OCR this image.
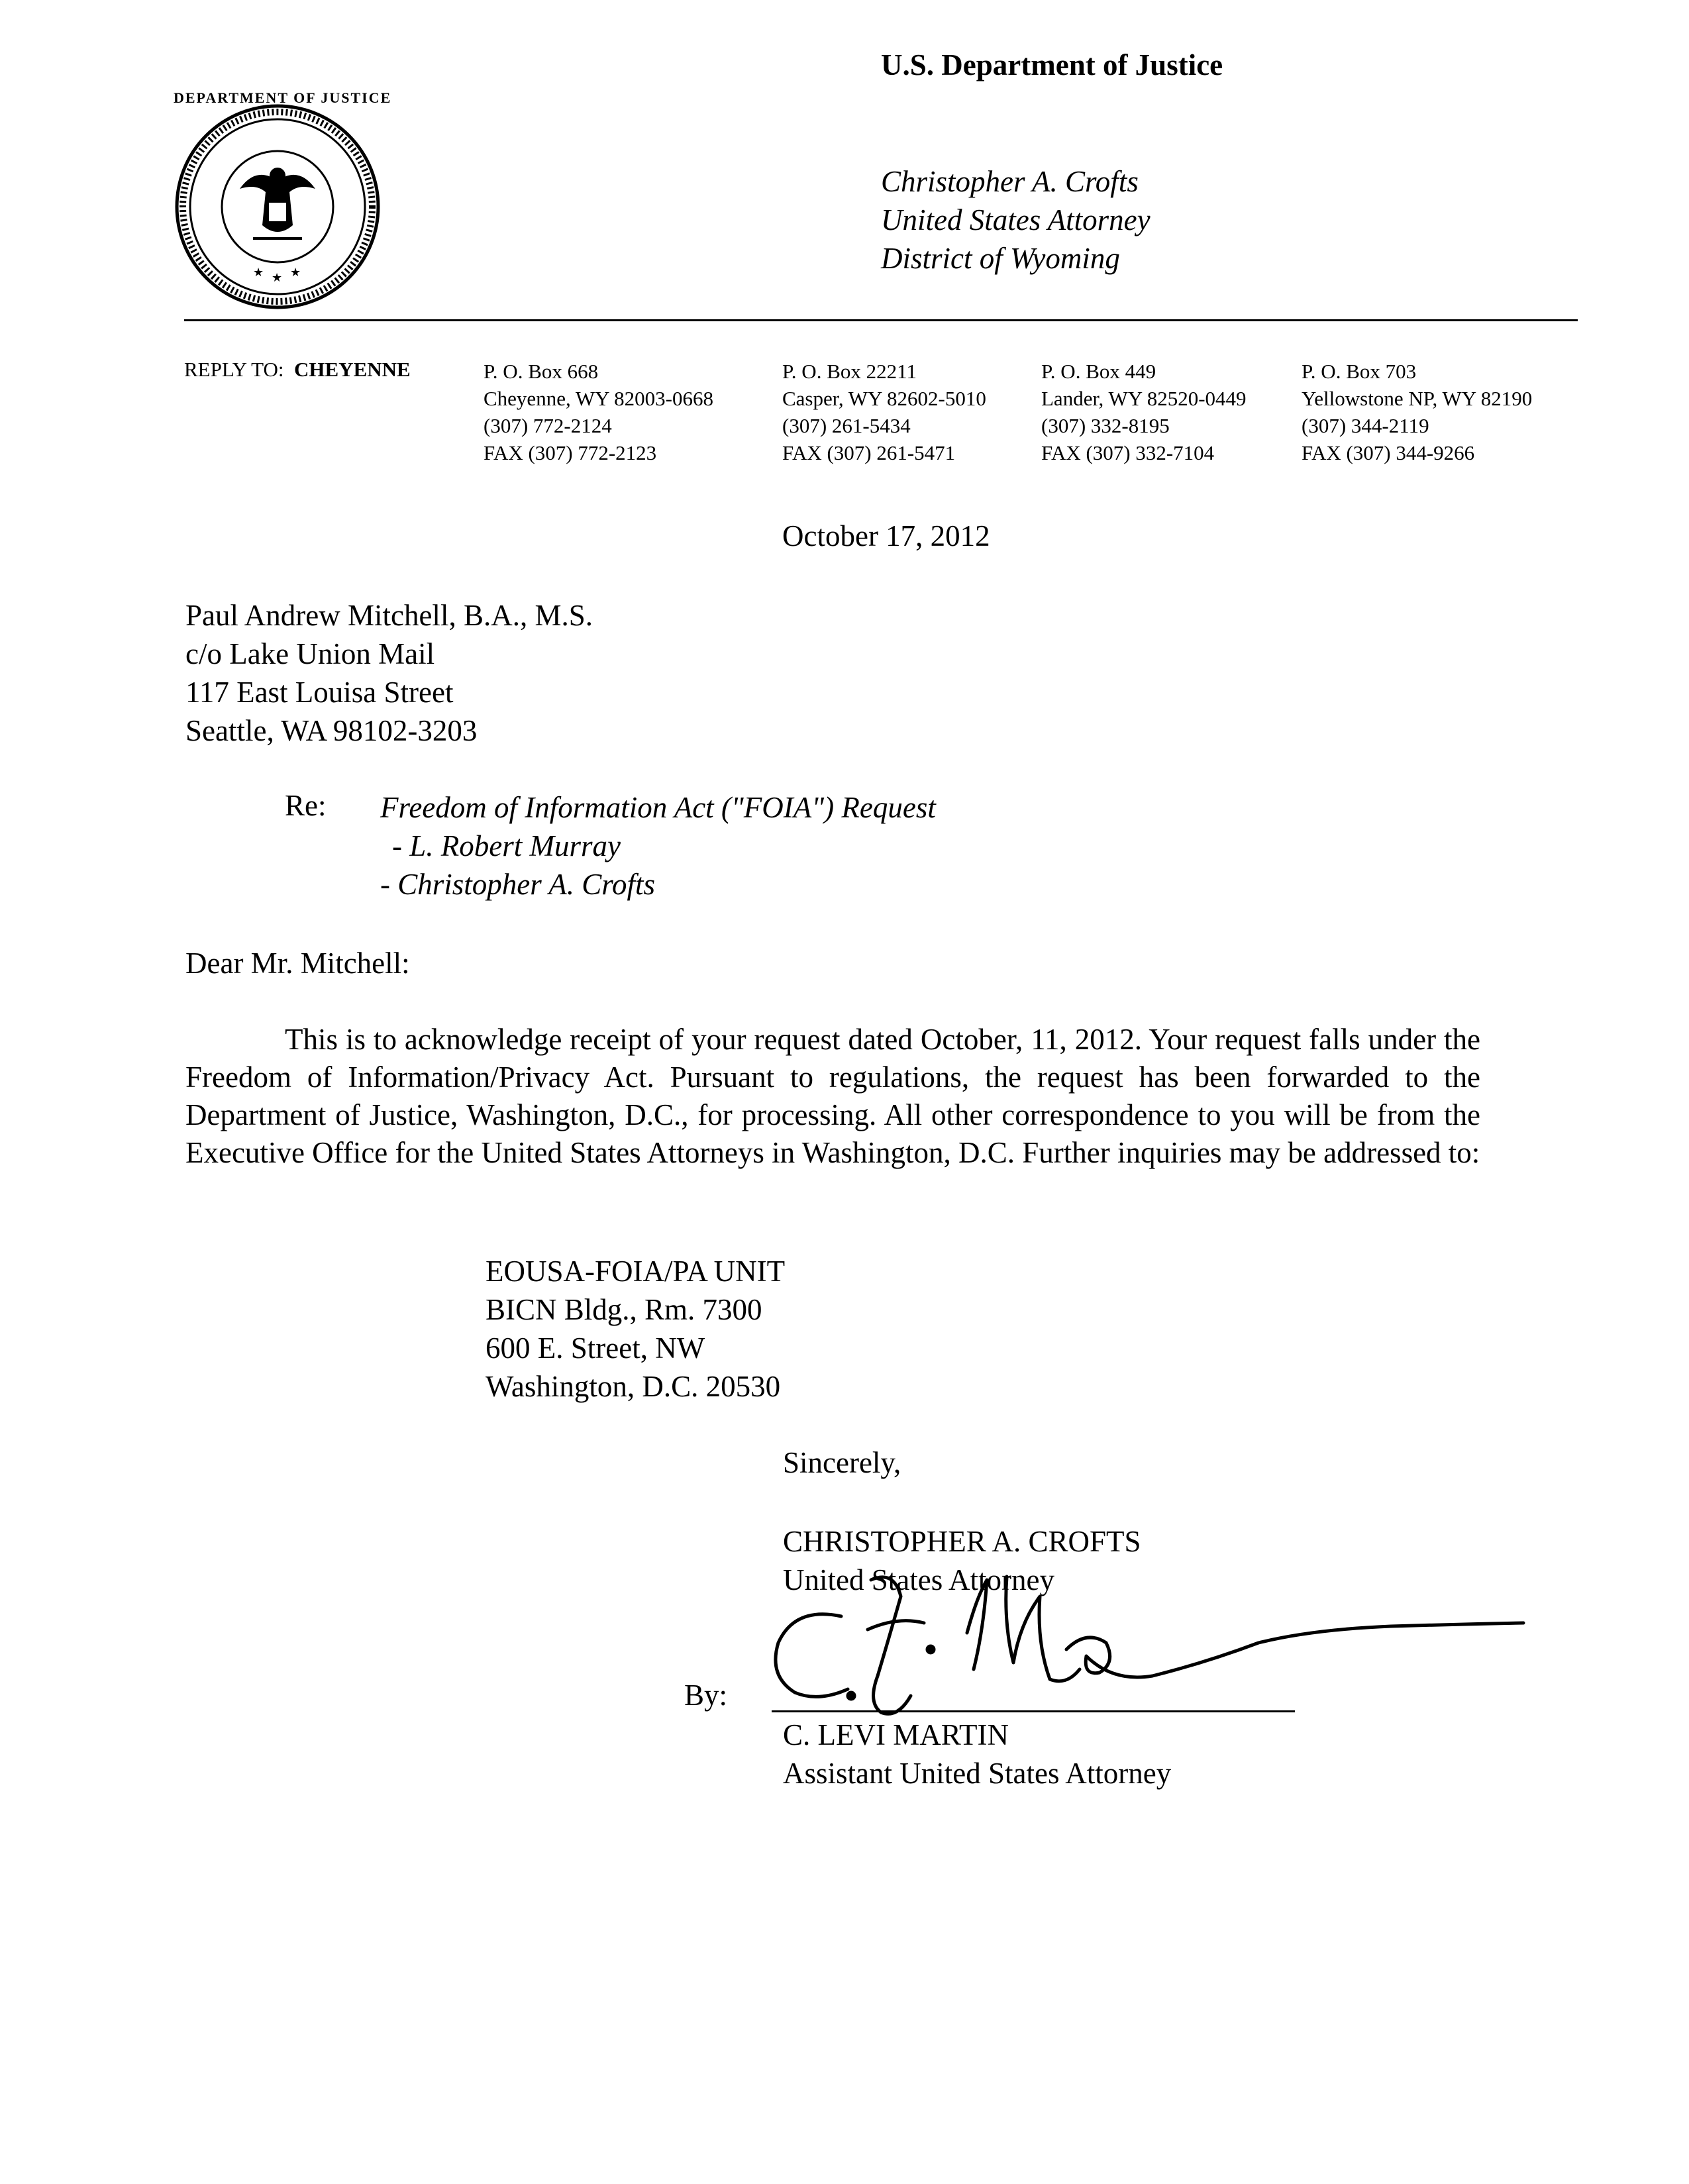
DEPARTMENT OF JUSTICE
★ ★ ★
U.S. Department of Justice
Christopher A. Crofts
United States Attorney
District of Wyoming
REPLY TO: CHEYENNE	P. O. Box 668
Cheyenne, WY 82003-0668
(307) 772-2124
FAX (307) 772-2123
P. O. Box 22211
Casper, WY 82602-5010
(307) 261-5434
FAX (307) 261-5471
P. O. Box 449
Lander, WY 82520-0449
(307) 332-8195
FAX (307) 332-7104
P. O. Box 703
Yellowstone NP, WY 82190
(307) 344-2119
FAX (307) 344-9266
October 17, 2012
Paul Andrew Mitchell, B.A., M.S.
c/o Lake Union Mail
117 East Louisa Street
Seattle, WA 98102-3203
Re: Freedom of Information Act ("FOIA") Request
- L. Robert Murray
- Christopher A. Crofts
Dear Mr. Mitchell:

This is to acknowledge receipt of your request dated October, 11, 2012. Your request falls under the Freedom of Information/Privacy Act. Pursuant to regulations, the request has been forwarded to the Department of Justice, Washington, D.C., for processing. All other correspondence to you will be from the Executive Office for the United States Attorneys in Washington, D.C. Further inquiries may be addressed to:

EOUSA-FOIA/PA UNIT
BICN Bldg., Rm. 7300
600 E. Street, NW
Washington, D.C. 20530
Sincerely,
CHRISTOPHER A. CROFTS
United States Attorney
By:
C. LEVI MARTIN
Assistant United States Attorney
